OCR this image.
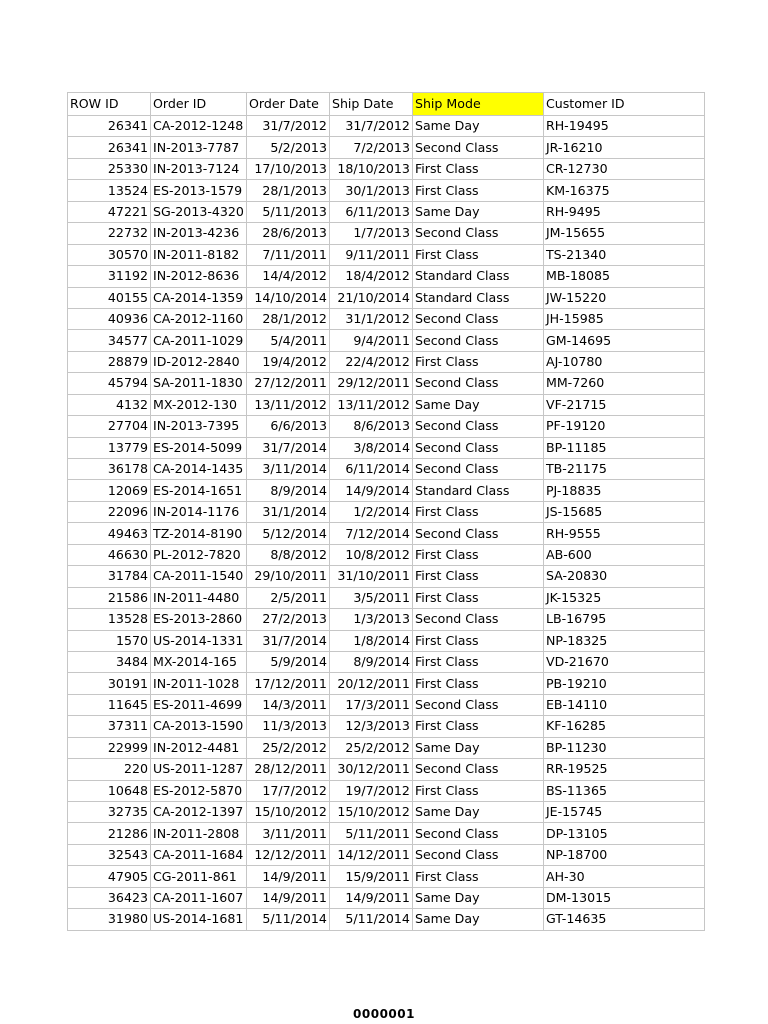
ROW ID	Order ID	Order Date	Ship Date	Ship Mode	Customer ID
26341	CA-2012-1248	31/7/2012	31/7/2012	Same Day	RH-19495
26341	IN-2013-7787	5/2/2013	7/2/2013	Second Class	JR-16210
25330	IN-2013-7124	17/10/2013	18/10/2013	First Class	CR-12730
13524	ES-2013-1579	28/1/2013	30/1/2013	First Class	KM-16375
47221	SG-2013-4320	5/11/2013	6/11/2013	Same Day	RH-9495
22732	IN-2013-4236	28/6/2013	1/7/2013	Second Class	JM-15655
30570	IN-2011-8182	7/11/2011	9/11/2011	First Class	TS-21340
31192	IN-2012-8636	14/4/2012	18/4/2012	Standard Class	MB-18085
40155	CA-2014-1359	14/10/2014	21/10/2014	Standard Class	JW-15220
40936	CA-2012-1160	28/1/2012	31/1/2012	Second Class	JH-15985
34577	CA-2011-1029	5/4/2011	9/4/2011	Second Class	GM-14695
28879	ID-2012-2840	19/4/2012	22/4/2012	First Class	AJ-10780
45794	SA-2011-1830	27/12/2011	29/12/2011	Second Class	MM-7260
4132	MX-2012-130	13/11/2012	13/11/2012	Same Day	VF-21715
27704	IN-2013-7395	6/6/2013	8/6/2013	Second Class	PF-19120
13779	ES-2014-5099	31/7/2014	3/8/2014	Second Class	BP-11185
36178	CA-2014-1435	3/11/2014	6/11/2014	Second Class	TB-21175
12069	ES-2014-1651	8/9/2014	14/9/2014	Standard Class	PJ-18835
22096	IN-2014-1176	31/1/2014	1/2/2014	First Class	JS-15685
49463	TZ-2014-8190	5/12/2014	7/12/2014	Second Class	RH-9555
46630	PL-2012-7820	8/8/2012	10/8/2012	First Class	AB-600
31784	CA-2011-1540	29/10/2011	31/10/2011	First Class	SA-20830
21586	IN-2011-4480	2/5/2011	3/5/2011	First Class	JK-15325
13528	ES-2013-2860	27/2/2013	1/3/2013	Second Class	LB-16795
1570	US-2014-1331	31/7/2014	1/8/2014	First Class	NP-18325
3484	MX-2014-165	5/9/2014	8/9/2014	First Class	VD-21670
30191	IN-2011-1028	17/12/2011	20/12/2011	First Class	PB-19210
11645	ES-2011-4699	14/3/2011	17/3/2011	Second Class	EB-14110
37311	CA-2013-1590	11/3/2013	12/3/2013	First Class	KF-16285
22999	IN-2012-4481	25/2/2012	25/2/2012	Same Day	BP-11230
220	US-2011-1287	28/12/2011	30/12/2011	Second Class	RR-19525
10648	ES-2012-5870	17/7/2012	19/7/2012	First Class	BS-11365
32735	CA-2012-1397	15/10/2012	15/10/2012	Same Day	JE-15745
21286	IN-2011-2808	3/11/2011	5/11/2011	Second Class	DP-13105
32543	CA-2011-1684	12/12/2011	14/12/2011	Second Class	NP-18700
47905	CG-2011-861	14/9/2011	15/9/2011	First Class	AH-30
36423	CA-2011-1607	14/9/2011	14/9/2011	Same Day	DM-13015
31980	US-2014-1681	5/11/2014	5/11/2014	Same Day	GT-14635
0000001
